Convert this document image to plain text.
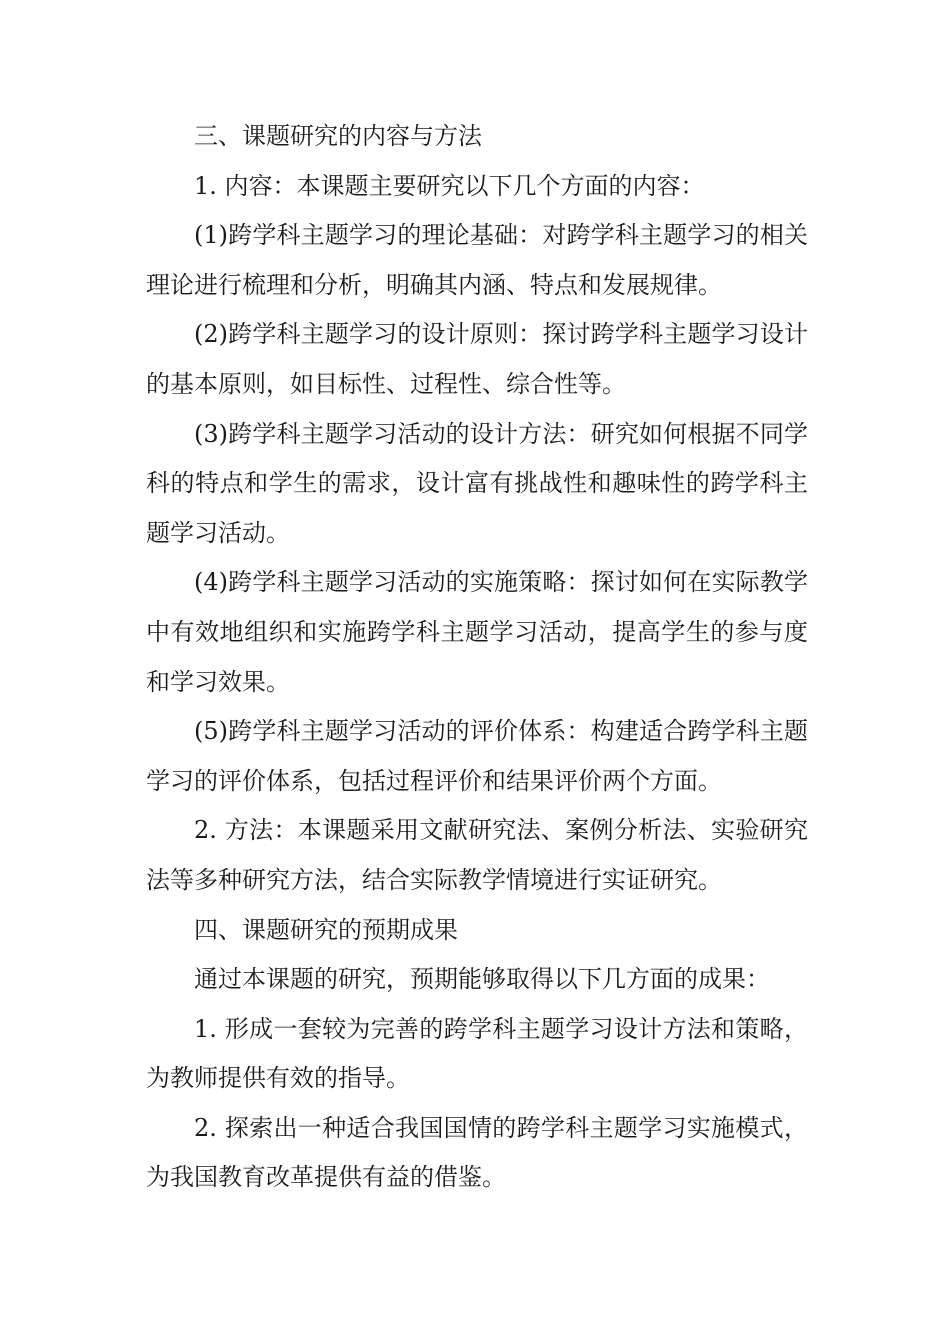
三、课题研究的内容与方法

1. 内容：本课题主要研究以下几个方面的内容：

(1)跨学科主题学习的理论基础：对跨学科主题学习的相关理论进行梳理和分析，明确其内涵、特点和发展规律。

(2)跨学科主题学习的设计原则：探讨跨学科主题学习设计的基本原则，如目标性、过程性、综合性等。

(3)跨学科主题学习活动的设计方法：研究如何根据不同学科的特点和学生的需求，设计富有挑战性和趣味性的跨学科主题学习活动。

(4)跨学科主题学习活动的实施策略：探讨如何在实际教学中有效地组织和实施跨学科主题学习活动，提高学生的参与度和学习效果。

(5)跨学科主题学习活动的评价体系：构建适合跨学科主题学习的评价体系，包括过程评价和结果评价两个方面。

2. 方法：本课题采用文献研究法、案例分析法、实验研究法等多种研究方法，结合实际教学情境进行实证研究。

四、课题研究的预期成果

通过本课题的研究，预期能够取得以下几方面的成果：

1. 形成一套较为完善的跨学科主题学习设计方法和策略，为教师提供有效的指导。

2. 探索出一种适合我国国情的跨学科主题学习实施模式，为我国教育改革提供有益的借鉴。
